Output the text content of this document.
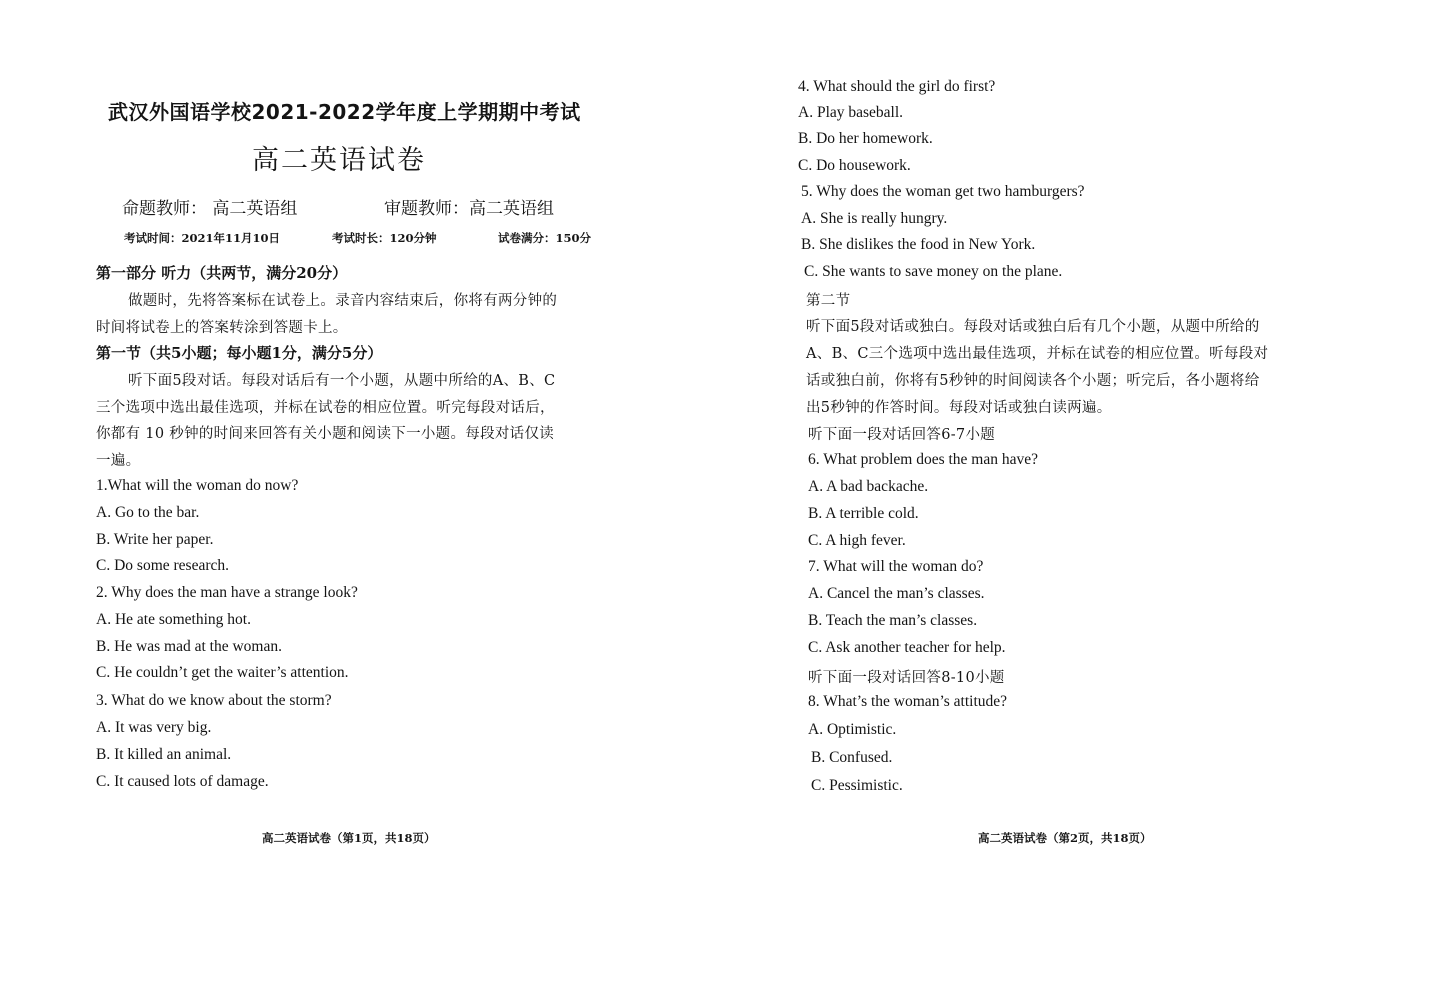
武汉外国语学校2021-2022学年度上学期期中考试
高二英语试卷
命题教师： 高二英语组	审题教师：高二英语组
考试时间：2021年11月10日	考试时长：120分钟	试卷满分：150分
第一部分 听力（共两节，满分20分）
做题时，先将答案标在试卷上。录音内容结束后，你将有两分钟的
时间将试卷上的答案转涂到答题卡上。
第一节（共5小题；每小题1分，满分5分）
听下面5段对话。每段对话后有一个小题，从题中所给的A、B、C
三个选项中选出最佳选项，并标在试卷的相应位置。听完每段对话后，
你都有 10 秒钟的时间来回答有关小题和阅读下一小题。每段对话仅读
一遍。
1.What will the woman do now?
A. Go to the bar.
B. Write her paper.
C. Do some research.
2. Why does the man have a strange look?
A. He ate something hot.
B. He was mad at the woman.
C. He couldn’t get the waiter’s attention.
3. What do we know about the storm?
A. It was very big.
B. It killed an animal.
C. It caused lots of damage.
高二英语试卷（第1页，共18页）
4. What should the girl do first?
A. Play baseball.
B. Do her homework.
C. Do housework.
5. Why does the woman get two hamburgers?
A. She is really hungry.
B. She dislikes the food in New York.
C. She wants to save money on the plane.
第二节
听下面5段对话或独白。每段对话或独白后有几个小题，从题中所给的
A、B、C三个选项中选出最佳选项，并标在试卷的相应位置。听每段对
话或独白前，你将有5秒钟的时间阅读各个小题；听完后，各小题将给
出5秒钟的作答时间。每段对话或独白读两遍。
听下面一段对话回答6-7小题
6. What problem does the man have?
A. A bad backache.
B. A terrible cold.
C. A high fever.
7. What will the woman do?
A. Cancel the man’s classes.
B. Teach the man’s classes.
C. Ask another teacher for help.
听下面一段对话回答8-10小题
8. What’s the woman’s attitude?
A. Optimistic.
B. Confused.
C. Pessimistic.
高二英语试卷（第2页，共18页）
